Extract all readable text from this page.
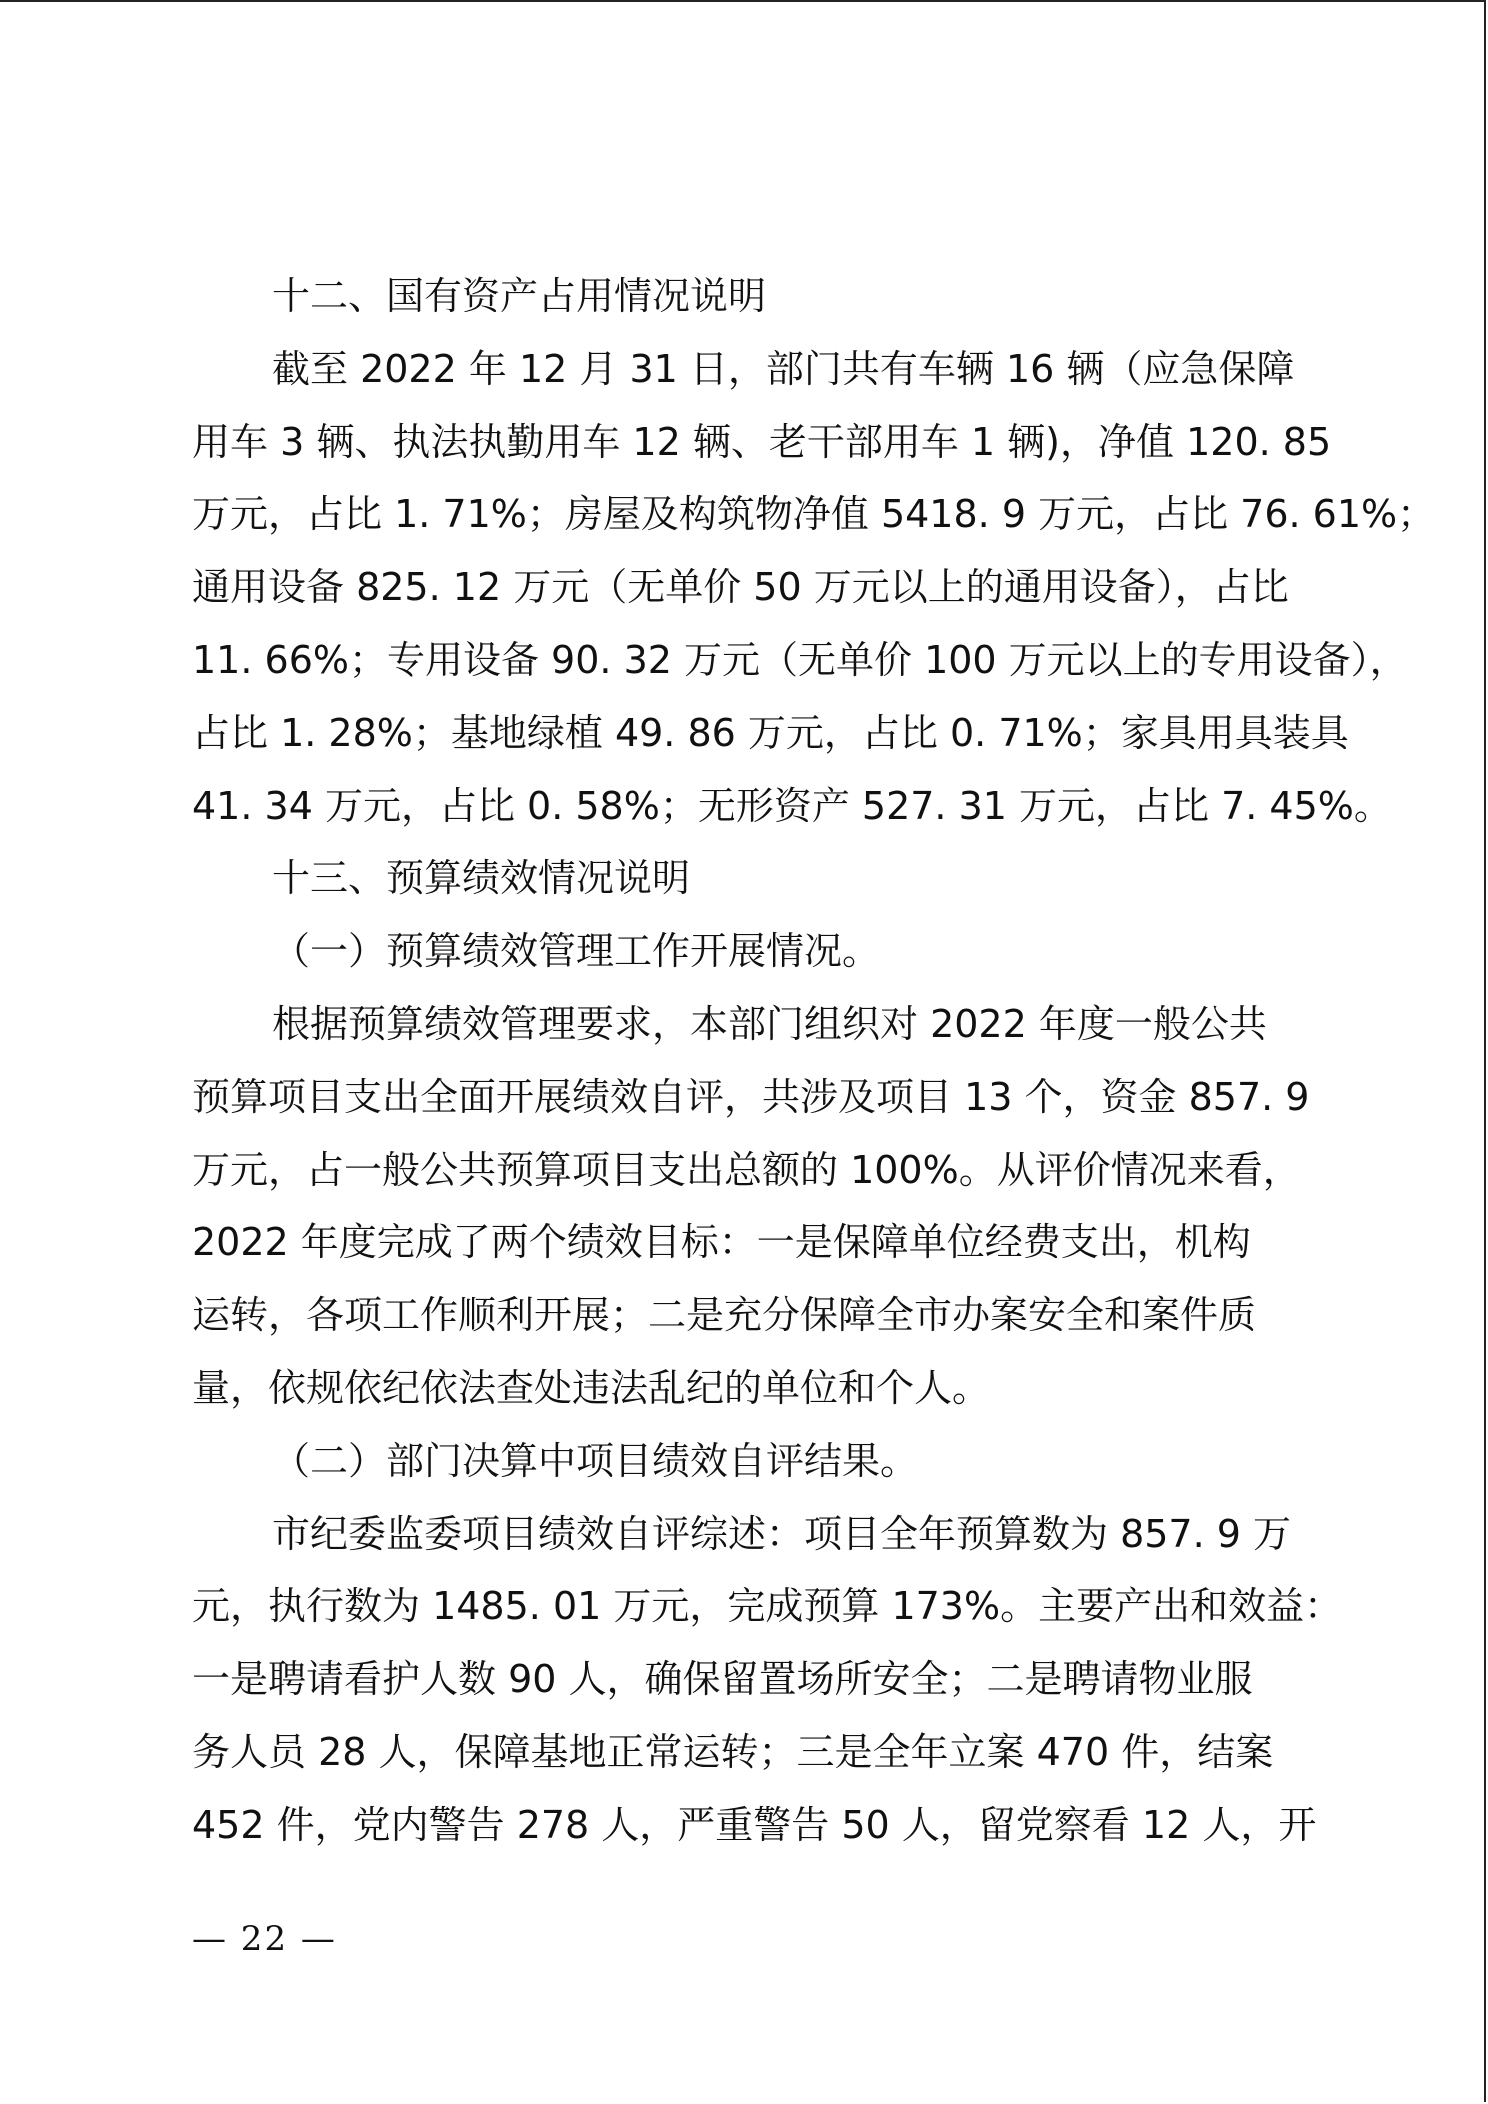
十二、国有资产占用情况说明
截至 2022 年 12 月 31 日，部门共有车辆 16 辆（应急保障
用车 3 辆、执法执勤用车 12 辆、老干部用车 1 辆)，净值 120. 85
万元，占比 1. 71%；房屋及构筑物净值 5418. 9 万元，占比 76. 61%；
通用设备 825. 12 万元（无单价 50 万元以上的通用设备），占比
11. 66%；专用设备 90. 32 万元（无单价 100 万元以上的专用设备），
占比 1. 28%；基地绿植 49. 86 万元，占比 0. 71%；家具用具装具
41. 34 万元，占比 0. 58%；无形资产 527. 31 万元，占比 7. 45%。
十三、预算绩效情况说明
（一）预算绩效管理工作开展情况。
根据预算绩效管理要求，本部门组织对 2022 年度一般公共
预算项目支出全面开展绩效自评，共涉及项目 13 个，资金 857. 9
万元，占一般公共预算项目支出总额的 100%。从评价情况来看，
2022 年度完成了两个绩效目标：一是保障单位经费支出，机构
运转，各项工作顺利开展；二是充分保障全市办案安全和案件质
量，依规依纪依法查处违法乱纪的单位和个人。
（二）部门决算中项目绩效自评结果。
市纪委监委项目绩效自评综述：项目全年预算数为 857. 9 万
元，执行数为 1485. 01 万元，完成预算 173%。主要产出和效益：
一是聘请看护人数 90 人，确保留置场所安全；二是聘请物业服
务人员 28 人，保障基地正常运转；三是全年立案 470 件，结案
452 件，党内警告 278 人，严重警告 50 人，留党察看 12 人，开
— 22 —
